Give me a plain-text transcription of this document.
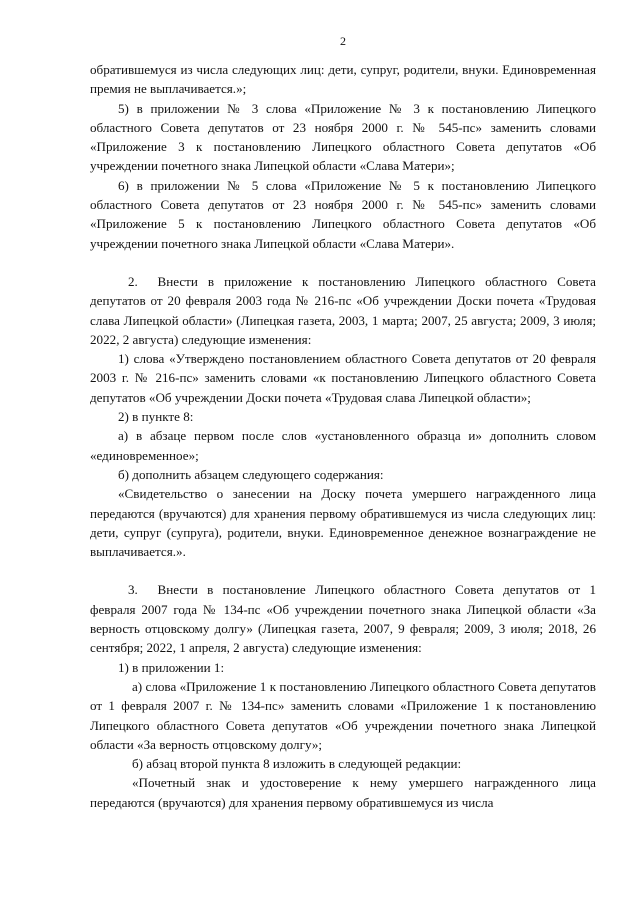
2

обратившемуся из числа следующих лиц: дети, супруг, родители, внуки. Единовременная премия не выплачивается.»;

5) в приложении № 3 слова «Приложение № 3 к постановлению Липецкого областного Совета депутатов от 23 ноября 2000 г. № 545-пс» заменить словами «Приложение 3 к постановлению Липецкого областного Совета депутатов «Об учреждении почетного знака Липецкой области «Слава Матери»;

6) в приложении № 5 слова «Приложение № 5 к постановлению Липецкого областного Совета депутатов от 23 ноября 2000 г. № 545-пс» заменить словами «Приложение 5 к постановлению Липецкого областного Совета депутатов «Об учреждении почетного знака Липецкой области «Слава Матери».

2.  Внести в приложение к постановлению Липецкого областного Совета депутатов от 20 февраля 2003 года № 216-пс «Об учреждении Доски почета «Трудовая слава Липецкой области» (Липецкая газета, 2003, 1 марта; 2007, 25 августа; 2009, 3 июля; 2022, 2 августа) следующие изменения:

1) слова «Утверждено постановлением областного Совета депутатов от 20 февраля 2003 г. № 216-пс» заменить словами «к постановлению Липецкого областного Совета депутатов «Об учреждении Доски почета «Трудовая слава Липецкой области»;

2) в пункте 8:

а) в абзаце первом после слов «установленного образца и» дополнить словом «единовременное»;

б) дополнить абзацем следующего содержания:

«Свидетельство о занесении на Доску почета умершего награжденного лица передаются (вручаются) для хранения первому обратившемуся из числа следующих лиц: дети, супруг (супруга), родители, внуки. Единовременное денежное вознаграждение не выплачивается.».

3.  Внести в постановление Липецкого областного Совета депутатов от 1 февраля 2007 года № 134-пс «Об учреждении почетного знака Липецкой области «За верность отцовскому долгу» (Липецкая газета, 2007, 9 февраля; 2009, 3 июля; 2018, 26 сентября; 2022, 1 апреля, 2 августа) следующие изменения:

1) в приложении 1:

а) слова «Приложение 1 к постановлению Липецкого областного Совета депутатов от 1 февраля 2007 г. № 134-пс» заменить словами «Приложение 1 к постановлению Липецкого областного Совета депутатов «Об учреждении почетного знака Липецкой области «За верность отцовскому долгу»;

б) абзац второй пункта 8 изложить в следующей редакции:

«Почетный знак и удостоверение к нему умершего награжденного лица передаются (вручаются) для хранения первому обратившемуся из числа
